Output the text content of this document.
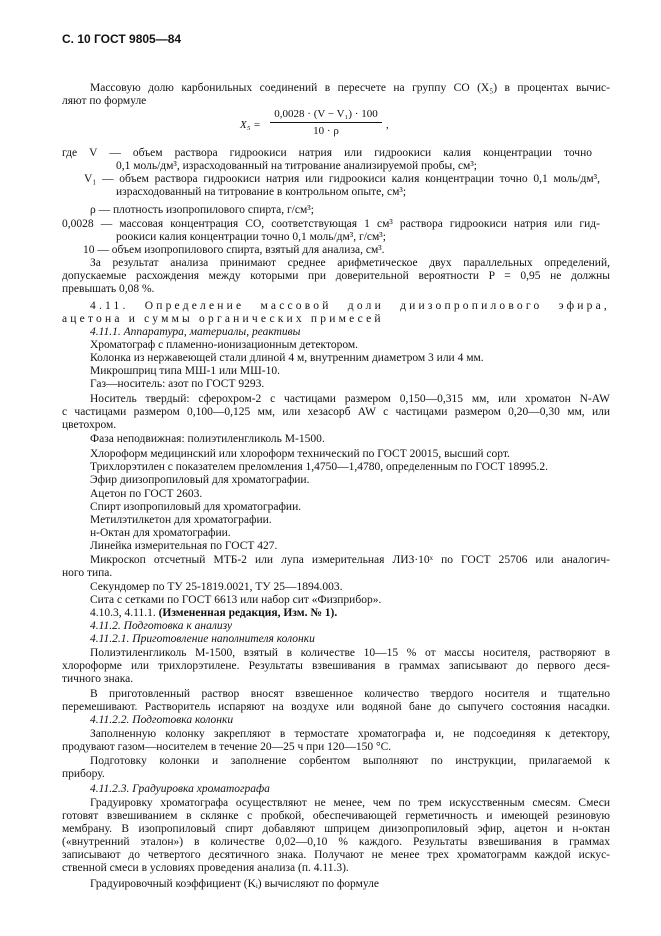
С. 10 ГОСТ 9805—84
Массовую долю карбонильных соединений в пересчете на группу СО (X₅) в процентах вычис-
ляют по формуле
X₅ =
0,0028 · (V − V₁) · 100
10 · ρ	,
где V — объем раствора гидроокиси натрия или гидроокиси калия концентрации точно
0,1 моль/дм³, израсходованный на титрование анализируемой пробы, см³;
V₁ — объем раствора гидроокиси натрия или гидроокиси калия концентрации точно 0,1 моль/дм³,
израсходованный на титрование в контрольном опыте, см³;
ρ — плотность изопропилового спирта, г/см³;
0,0028 — массовая концентрация СО, соответствующая 1 см³ раствора гидроокиси натрия или гид-
роокиси калия концентрации точно 0,1 моль/дм³, г/см³;
10 — объем изопропилового спирта, взятый для анализа, см³.
За результат анализа принимают среднее арифметическое двух параллельных определений,
допускаемые расхождения между которыми при доверительной вероятности P = 0,95 не должны
превышать 0,08 %.
4.11. Определение массовой доли диизопропилового эфира,
ацетона и суммы органических примесей
4.11.1. Аппаратура, материалы, реактивы
Хроматограф с пламенно-ионизационным детектором.
Колонка из нержавеющей стали длиной 4 м, внутренним диаметром 3 или 4 мм.
Микрошприц типа МШ-1 или МШ-10.
Газ—носитель: азот по ГОСТ 9293.
Носитель твердый: сферохром-2 с частицами размером 0,150—0,315 мм, или хроматон N-AW
с частицами размером 0,100—0,125 мм, или хезасорб AW с частицами размером 0,20—0,30 мм, или
цветохром.
Фаза неподвижная: полиэтиленгликоль М-1500.
Хлороформ медицинский или хлороформ технический по ГОСТ 20015, высший сорт.
Трихлорэтилен с показателем преломления 1,4750—1,4780, определенным по ГОСТ 18995.2.
Эфир диизопропиловый для хроматографии.
Ацетон по ГОСТ 2603.
Спирт изопропиловый для хроматографии.
Метилэтилкетон для хроматографии.
н-Октан для хроматографии.
Линейка измерительная по ГОСТ 427.
Микроскоп отсчетный МТБ-2 или лупа измерительная ЛИЗ·10ˣ по ГОСТ 25706 или аналогич-
ного типа.
Секундомер по ТУ 25-1819.0021, ТУ 25—1894.003.
Сита с сетками по ГОСТ 6613 или набор сит «Физприбор».
4.10.3, 4.11.1. (Измененная редакция, Изм. № 1).
4.11.2. Подготовка к анализу
4.11.2.1. Приготовление наполнителя колонки
Полиэтиленгликоль М-1500, взятый в количестве 10—15 % от массы носителя, растворяют в
хлороформе или трихлорэтилене. Результаты взвешивания в граммах записывают до первого деся-
тичного знака.
В приготовленный раствор вносят взвешенное количество твердого носителя и тщательно
перемешивают. Растворитель испаряют на воздухе или водяной бане до сыпучего состояния насадки.
4.11.2.2. Подготовка колонки
Заполненную колонку закрепляют в термостате хроматографа и, не подсоединяя к детектору,
продувают газом—носителем в течение 20—25 ч при 120—150 °С.
Подготовку колонки и заполнение сорбентом выполняют по инструкции, прилагаемой к
прибору.
4.11.2.3. Градуировка хроматографа
Градуировку хроматографа осуществляют не менее, чем по трем искусственным смесям. Смеси
готовят взвешиванием в склянке с пробкой, обеспечивающей герметичность и имеющей резиновую
мембрану. В изопропиловый спирт добавляют шприцем диизопропиловый эфир, ацетон и н-октан
(«внутренний эталон») в количестве 0,02—0,10 % каждого. Результаты взвешивания в граммах
записывают до четвертого десятичного знака. Получают не менее трех хроматограмм каждой искус-
ственной смеси в условиях проведения анализа (п. 4.11.3).
Градуировочный коэффициент (Kᵢ) вычисляют по формуле
